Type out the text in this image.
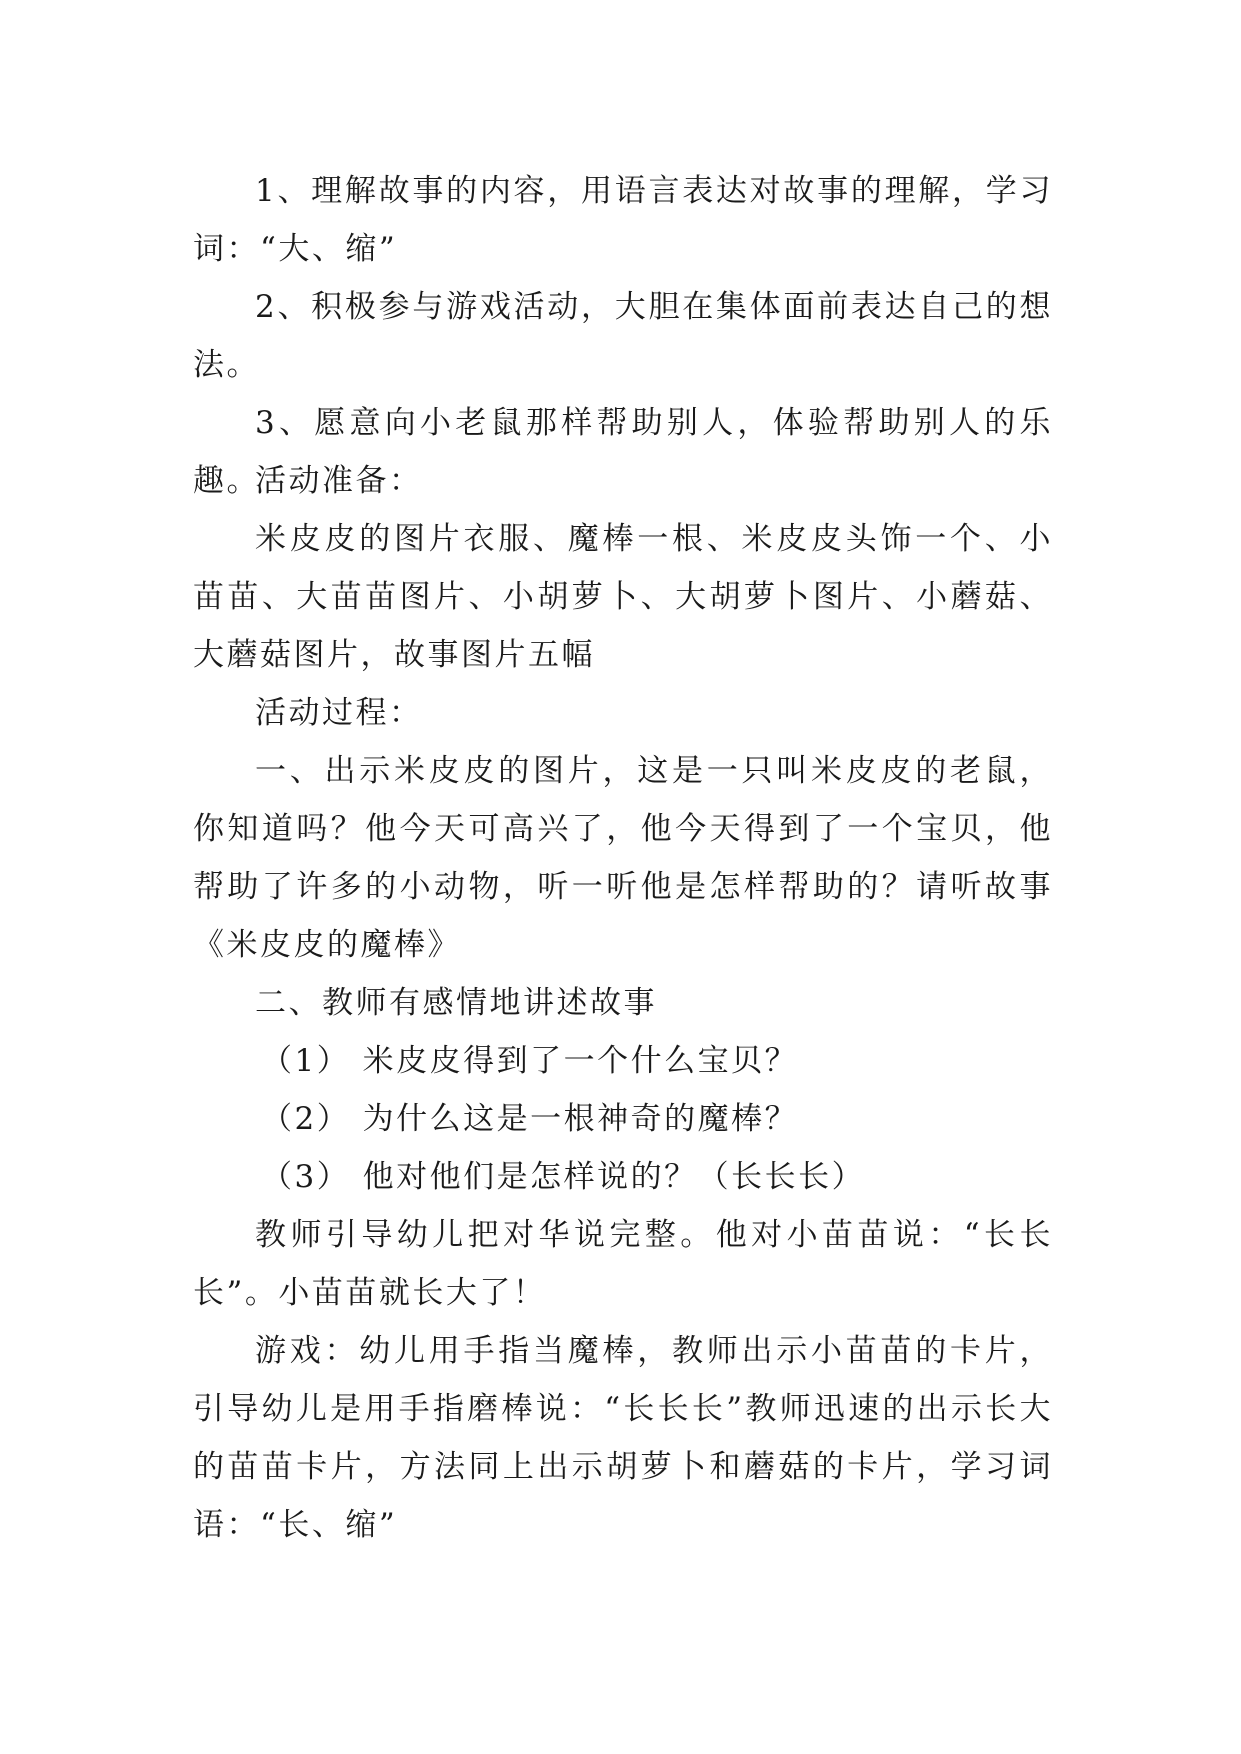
1、理解故事的内容，用语言表达对故事的理解，学习词：“大、缩”

2、积极参与游戏活动，大胆在集体面前表达自己的想法。

3、愿意向小老鼠那样帮助别人，体验帮助别人的乐趣。

活动准备：

米皮皮的图片衣服、魔棒一根、米皮皮头饰一个、小苗苗、大苗苗图片、小胡萝卜、大胡萝卜图片、小蘑菇、大蘑菇图片，故事图片五幅

活动过程：

一、出示米皮皮的图片，这是一只叫米皮皮的老鼠，你知道吗？他今天可高兴了，他今天得到了一个宝贝，他帮助了许多的小动物，听一听他是怎样帮助的？请听故事《米皮皮的魔棒》

二、教师有感情地讲述故事

（1） 米皮皮得到了一个什么宝贝？

（2） 为什么这是一根神奇的魔棒？

（3） 他对他们是怎样说的？（长长长）

教师引导幼儿把对华说完整。他对小苗苗说：“长长长”。小苗苗就长大了！

游戏：幼儿用手指当魔棒，教师出示小苗苗的卡片，引导幼儿是用手指磨棒说：“长长长”教师迅速的出示长大的苗苗卡片，方法同上出示胡萝卜和蘑菇的卡片，学习词语：“长、缩”
